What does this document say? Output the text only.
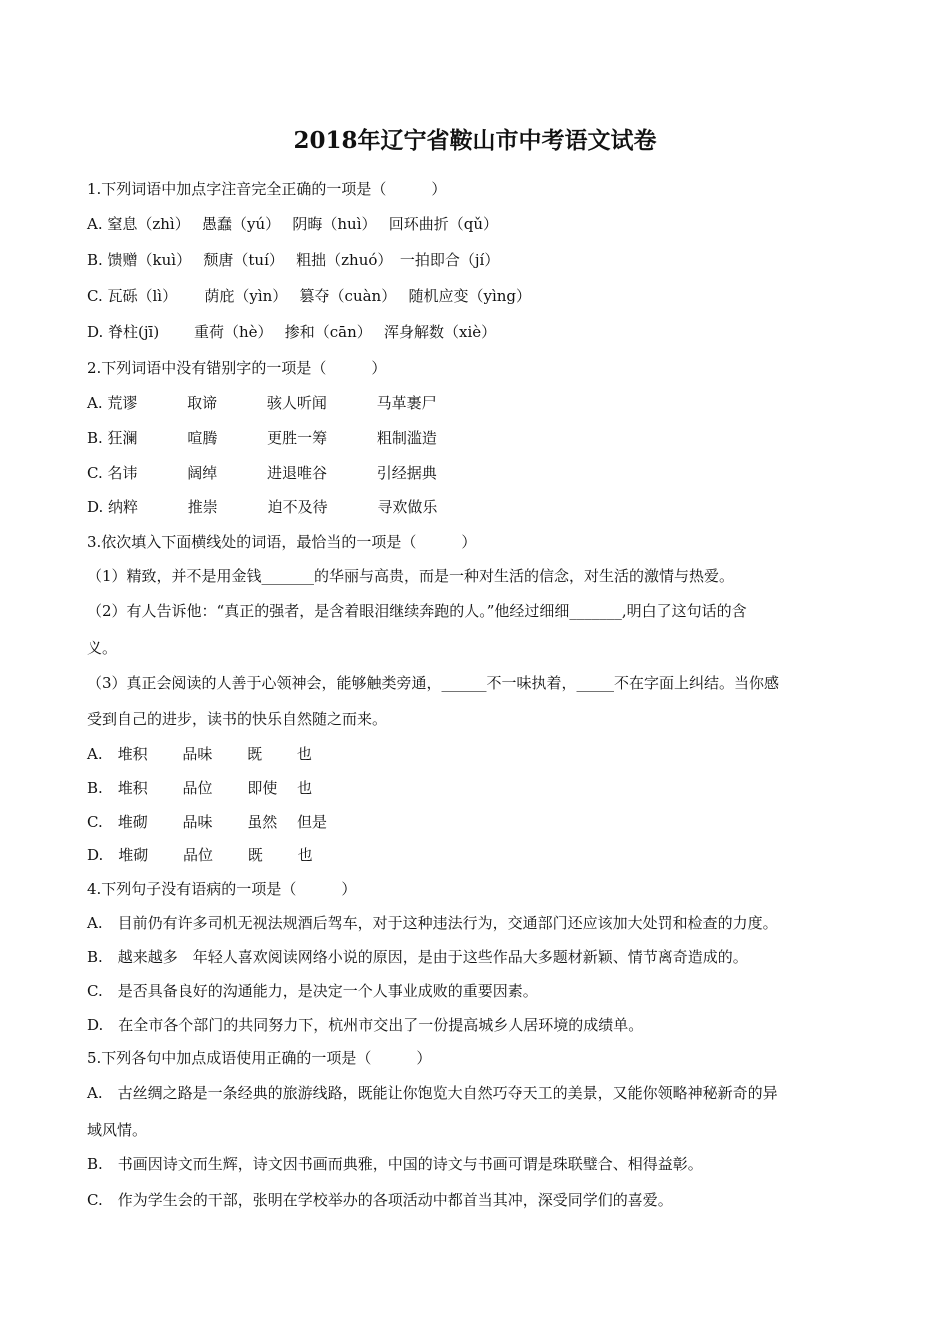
2018年辽宁省鞍山市中考语文试卷
1.下列词语中加点字注音完全正确的一项是（　　　）
A. 窒息（zhì）　 愚蠢（yú）　 阴晦（huì）　 回环曲折（qǔ）
B. 馈赠（kuì）　 颓唐（tuí）　 粗拙（zhuó）　一拍即合（jí）
C. 瓦砾（lì）　　 荫庇（yìn）　 篡夺（cuàn）　 随机应变（yìng）
D. 脊柱(jī)　　 重荷（hè）　 掺和（cān）　 浑身解数（xiè）
2.下列词语中没有错别字的一项是（　　　）
A. 荒谬　　　 取谛　　　 骇人听闻　　　 马革裹尸
B. 狂澜　　　 喧腾　　　 更胜一筹　　　 粗制滥造
C. 名讳　　　 阔绰　　　 进退唯谷　　　 引经据典
D. 纳粹　　　 推崇　　　 迫不及待　　　 寻欢做乐
3.依次填入下面横线处的词语，最恰当的一项是（　　　）
（1）精致，并不是用金钱_______的华丽与高贵，而是一种对生活的信念，对生活的激情与热爱。
（2）有人告诉他：“真正的强者，是含着眼泪继续奔跑的人。”他经过细细_______,明白了这句话的含
义。
（3）真正会阅读的人善于心领神会，能够触类旁通，______不一味执着，_____不在字面上纠结。当你感
受到自己的进步，读书的快乐自然随之而来。
A.　堆积　　 品味　　 既　　 也
B.　堆积　　 品位　　 即使　 也
C.　堆砌　　 品味　　 虽然　 但是
D.　堆砌　　 品位　　 既　　 也
4.下列句子没有语病的一项是（　　　）
A.　目前仍有许多司机无视法规酒后驾车，对于这种违法行为，交通部门还应该加大处罚和检查的力度。
B.　越来越多　年轻人喜欢阅读网络小说的原因，是由于这些作品大多题材新颖、情节离奇造成的。
C.　是否具备良好的沟通能力，是决定一个人事业成败的重要因素。
D.　在全市各个部门的共同努力下，杭州市交出了一份提高城乡人居环境的成绩单。
5.下列各句中加点成语使用正确的一项是（　　　）
A.　古丝绸之路是一条经典的旅游线路，既能让你饱览大自然巧夺天工的美景，又能你领略神秘新奇的异
域风情。
B.　书画因诗文而生辉，诗文因书画而典雅，中国的诗文与书画可谓是珠联璧合、相得益彰。
C.　作为学生会的干部，张明在学校举办的各项活动中都首当其冲，深受同学们的喜爱。
